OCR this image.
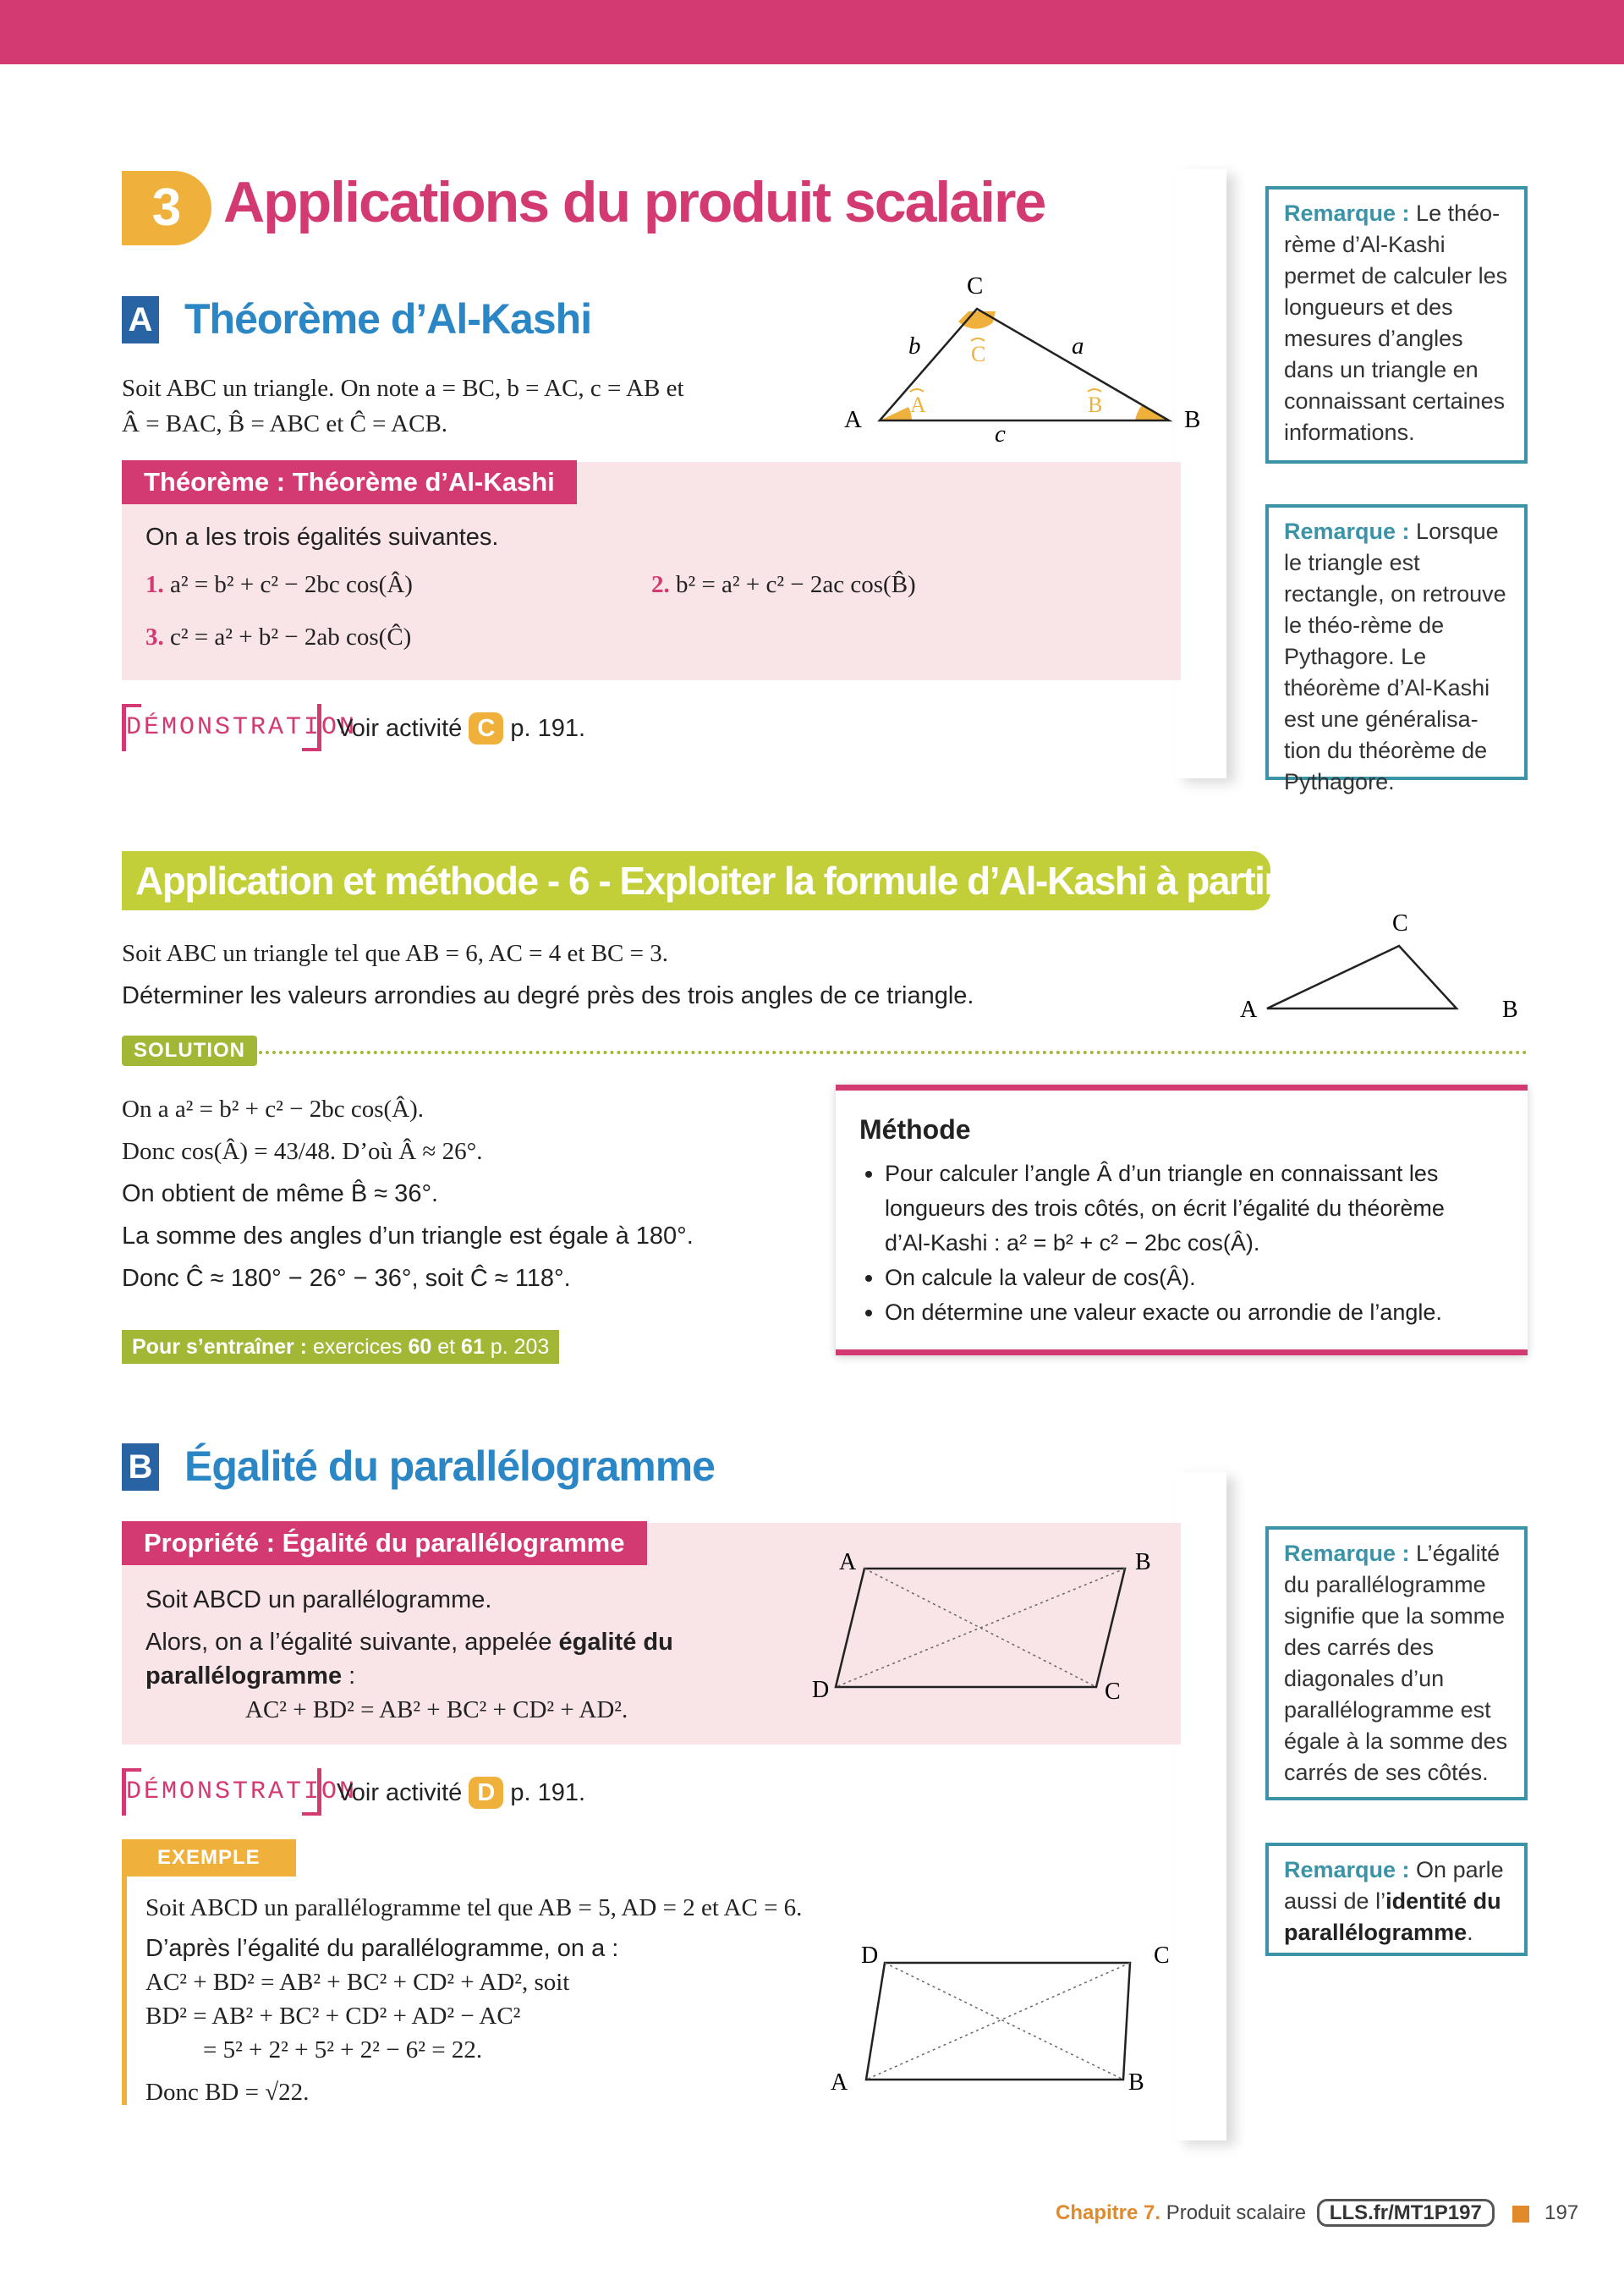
3 Applications du produit scalaire
A Théorème d’Al-Kashi
Soit ABC un triangle. On note a = BC, b = AC, c = AB et
Â = BAC, B̂ = ABC et Ĉ = ACB.	A	B
C
b	a
c
A	B
C
Théorème : Théorème d’Al-Kashi
On a les trois égalités suivantes.
1. a² = b² + c² − 2bc cos(Â)	2. b² = a² + c² − 2ac cos(B̂)
3. c² = a² + b² − 2ab cos(Ĉ)
DÉMONSTRATION
Voir activité C p. 191.
Remarque : Le théo-rème d’Al-Kashi permet de calculer les longueurs et des mesures d’angles dans un triangle en connaissant certaines informations.
Remarque : Lorsque le triangle est rectangle, on retrouve le théo-rème de Pythagore. Le théorème d’Al-Kashi est une généralisa-tion du théorème de Pythagore.
Application et méthode - 6 - Exploiter la formule d’Al-Kashi à partir des trois longueurs
Soit ABC un triangle tel que AB = 6, AC = 4 et BC = 3.
Déterminer les valeurs arrondies au degré près des trois angles de ce triangle.
A	B
C
SOLUTION
On a a² = b² + c² − 2bc cos(Â).
Donc cos(Â) = 43/48. D’où Â ≈ 26°.
On obtient de même B̂ ≈ 36°.
La somme des angles d’un triangle est égale à 180°.
Donc Ĉ ≈ 180° − 26° − 36°, soit Ĉ ≈ 118°.
Pour s’entraîner : exercices 60 et 61 p. 203
Méthode
• Pour calculer l’angle Â d’un triangle en connaissant les longueurs des trois côtés, on écrit l’égalité du théorème d’Al-Kashi : a² = b² + c² − 2bc cos(Â).
• On calcule la valeur de cos(Â).
• On détermine une valeur exacte ou arrondie de l’angle.
B Égalité du parallélogramme
Propriété : Égalité du parallélogramme
Soit ABCD un parallélogramme.
Alors, on a l’égalité suivante, appelée égalité du
parallélogramme :
AC² + BD² = AB² + BC² + CD² + AD².
A	B
C
D
DÉMONSTRATION
Voir activité D p. 191.
EXEMPLE
Soit ABCD un parallélogramme tel que AB = 5, AD = 2 et AC = 6.
D’après l’égalité du parallélogramme, on a :
AC² + BD² = AB² + BC² + CD² + AD², soit
BD² = AB² + BC² + CD² + AD² − AC²
= 5² + 2² + 5² + 2² − 6² = 22.
Donc BD = √22.
D	C
B
A
Remarque : L’égalité du parallélogramme signifie que la somme des carrés des diagonales d’un parallélogramme est égale à la somme des carrés de ses côtés.
Remarque : On parle aussi de l’identité du parallélogramme.
Chapitre 7. Produit scalaire LLS.fr/MT1P197	197
